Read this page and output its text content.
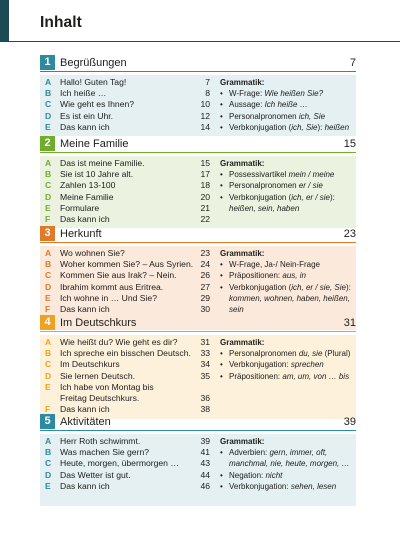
Inhalt
1 Begrüßungen	7
A Hallo! Guten Tag!	7
B Ich heiße …	8
C Wie geht es Ihnen?	10
D Es ist ein Uhr.	12
E Das kann ich	14
Grammatik:
• W-Frage: Wie heißen Sie?
• Aussage: Ich heiße …
• Personalpronomen ich, Sie
• Verbkonjugation (ich, Sie): heißen
2 Meine Familie	15
A Das ist meine Familie.	15
B Sie ist 10 Jahre alt.	17
C Zahlen 13-100	18
D Meine Familie	20
E Formulare	21
F Das kann ich	22
Grammatik:
• Possessivartikel mein / meine
• Personalpronomen er / sie
• Verbkonjugation (ich, er / sie):
heißen, sein, haben
3 Herkunft	23
A Wo wohnen Sie?	23
B Woher kommen Sie? – Aus Syrien. 24
C Kommen Sie aus Irak? – Nein.	26
D Ibrahim kommt aus Eritrea.	27
E Ich wohne in … Und Sie?	29
F Das kann ich	30
Grammatik:
• W-Frage, Ja-/ Nein-Frage
• Präpositionen: aus, in
• Verbkonjugation (ich, er / sie, Sie):
kommen, wohnen, haben, heißen,
sein
4 Im Deutschkurs	31
A Wie heißt du? Wie geht es dir?	31
B Ich spreche ein bisschen Deutsch. 33
C Im Deutschkurs	34
D Sie lernen Deutsch.	35
E Ich habe von Montag bis
Freitag Deutschkurs.	36
F Das kann ich	38
Grammatik:
• Personalpronomen du, sie (Plural)
• Verbkonjugation: sprechen
• Präpositionen: am, um, von … bis
5 Aktivitäten	39
A Herr Roth schwimmt.	39
B Was machen Sie gern?	41
C Heute, morgen, übermorgen … 43
D Das Wetter ist gut.	44
E Das kann ich	46
Grammatik:
• Adverbien: gern, immer, oft,
manchmal, nie, heute, morgen, …
• Negation: nicht
• Verbkonjugation: sehen, lesen
